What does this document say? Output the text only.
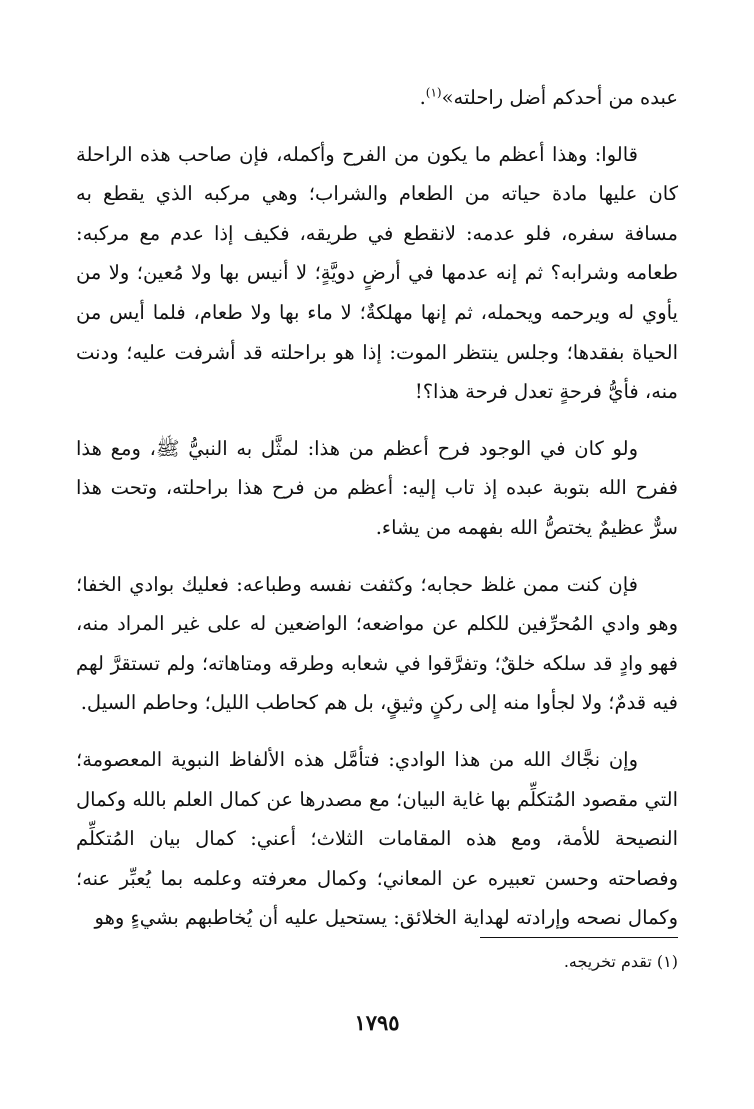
عبده من أحدكم أضل راحلته»$^{(١)}$.

قالوا: وهذا أعظم ما يكون من الفرح وأكمله، فإن صاحب هذه الراحلة كان عليها مادة حياته من الطعام والشراب؛ وهي مركبه الذي يقطع به مسافة سفره، فلو عدمه: لانقطع في طريقه، فكيف إذا عدم مع مركبه: طعامه وشرابه؟ ثم إنه عدمها في أرضٍ دويَّةٍ؛ لا أنيس بها ولا مُعين؛ ولا من يأوي له ويرحمه ويحمله، ثم إنها مهلكةٌ؛ لا ماء بها ولا طعام، فلما أيس من الحياة بفقدها؛ وجلس ينتظر الموت: إذا هو براحلته قد أشرفت عليه؛ ودنت منه، فأيُّ فرحةٍ تعدل فرحة هذا؟!

ولو كان في الوجود فرح أعظم من هذا: لمثَّل به النبيُّ ﷺ، ومع هذا ففرح الله بتوبة عبده إذ تاب إليه: أعظم من فرح هذا براحلته، وتحت هذا سرٌّ عظيمٌ يختصُّ الله بفهمه من يشاء.

فإن كنت ممن غلظ حجابه؛ وكثفت نفسه وطباعه: فعليك بوادي الخفا؛ وهو وادي المُحرِّفين للكلم عن مواضعه؛ الواضعين له على غير المراد منه، فهو وادٍ قد سلكه خلقٌ؛ وتفرَّقوا في شعابه وطرقه ومتاهاته؛ ولم تستقرَّ لهم فيه قدمٌ؛ ولا لجأوا منه إلى ركنٍ وثيقٍ، بل هم كحاطب الليل؛ وحاطم السيل.

وإن نجَّاك الله من هذا الوادي: فتأمَّل هذه الألفاظ النبوية المعصومة؛ التي مقصود المُتكلِّم بها غاية البيان؛ مع مصدرها عن كمال العلم بالله وكمال النصيحة للأمة، ومع هذه المقامات الثلاث؛ أعني: كمال بيان المُتكلِّم وفصاحته وحسن تعبيره عن المعاني؛ وكمال معرفته وعلمه بما يُعبِّر عنه؛ وكمال نصحه وإرادته لهداية الخلائق: يستحيل عليه أن يُخاطبهم بشيءٍ وهو

(١) تقدم تخريجه.
١٧٩٥
